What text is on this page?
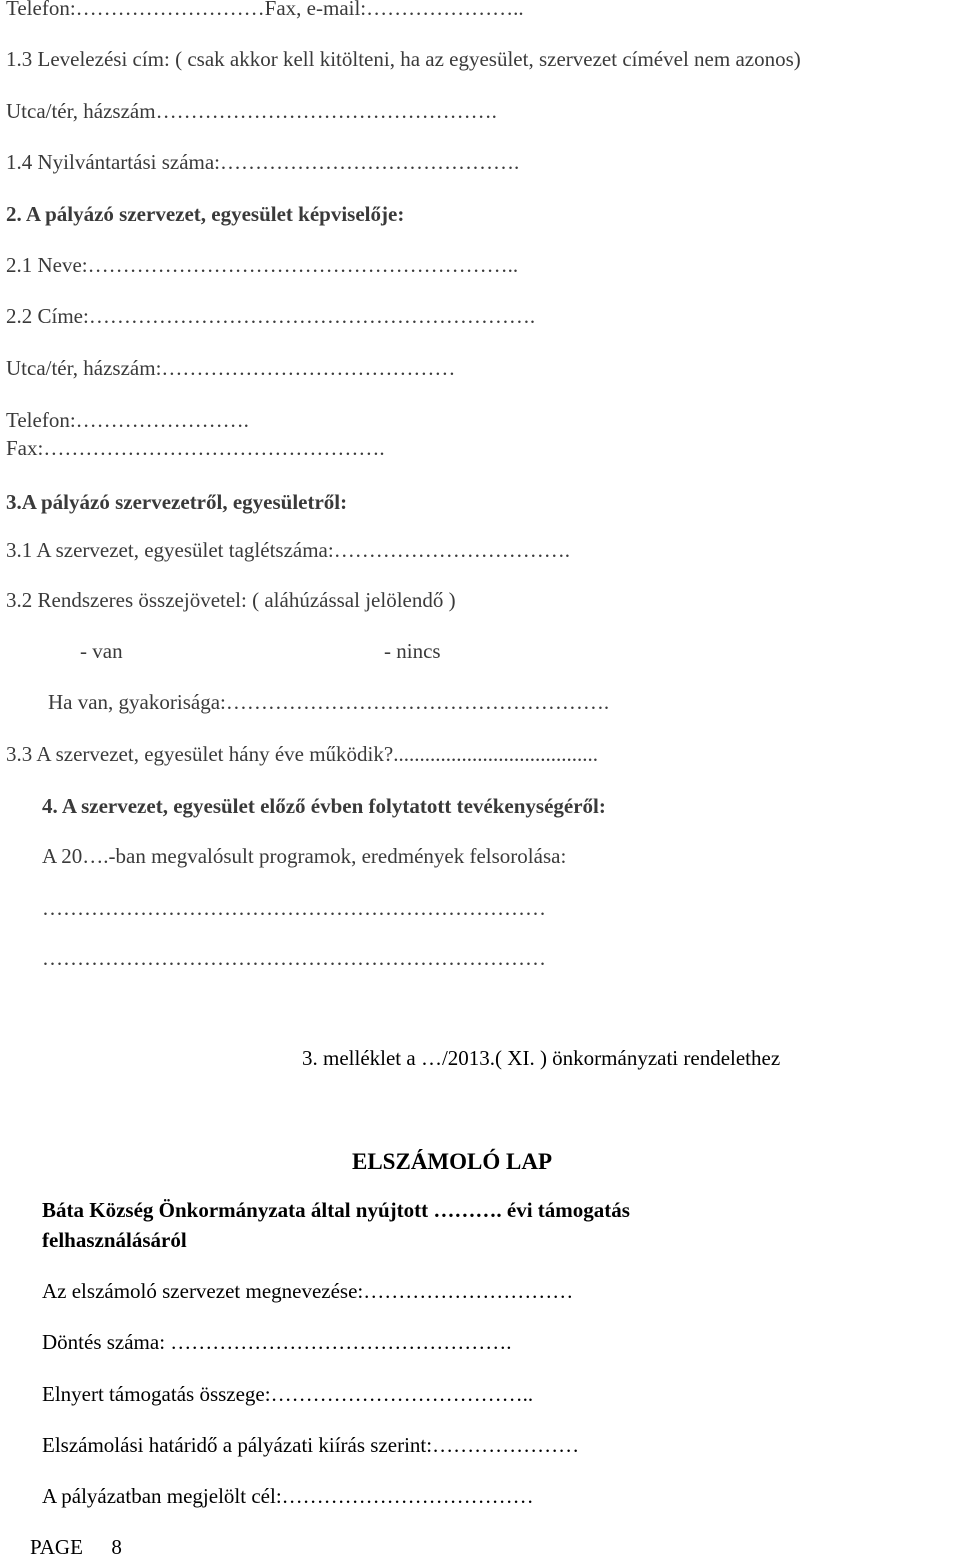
Telefon:………………………Fax, e-mail:…………………..
1.3 Levelezési cím: ( csak akkor kell kitölteni, ha az egyesület, szervezet címével nem azonos)
Utca/tér, házszám………………………………………….
1.4 Nyilvántartási száma:…………………………………….
2. A pályázó szervezet, egyesület képviselője:
2.1 Neve:……………………………………………………..
2.2 Címe:……………………………………………………….
Utca/tér, házszám:……………………………………
Telefon:…………………….
Fax:………………………………………….
3.A pályázó szervezetről, egyesületről:
3.1 A szervezet, egyesület taglétszáma:…………………………….
3.2 Rendszeres összejövetel: ( aláhúzással jelölendő )
- van	- nincs
Ha van, gyakorisága:……………………………………………….
3.3 A szervezet, egyesület hány éve működik?.......................................
4. A szervezet, egyesület előző évben folytatott tevékenységéről:
A 20….-ban megvalósult programok, eredmények felsorolása:
………………………………………………………………
………………………………………………………………
3. melléklet a …/2013.( XI. ) önkormányzati rendelethez
ELSZÁMOLÓ LAP
Báta Község Önkormányzata által nyújtott ………. évi támogatás
felhasználásáról
Az elszámoló szervezet megnevezése:…………………………
Döntés száma: ………………………………………….
Elnyert támogatás összege:………………………………..
Elszámolási határidő a pályázati kiírás szerint:…………………
A pályázatban megjelölt cél:………………………………
PAGE 8
